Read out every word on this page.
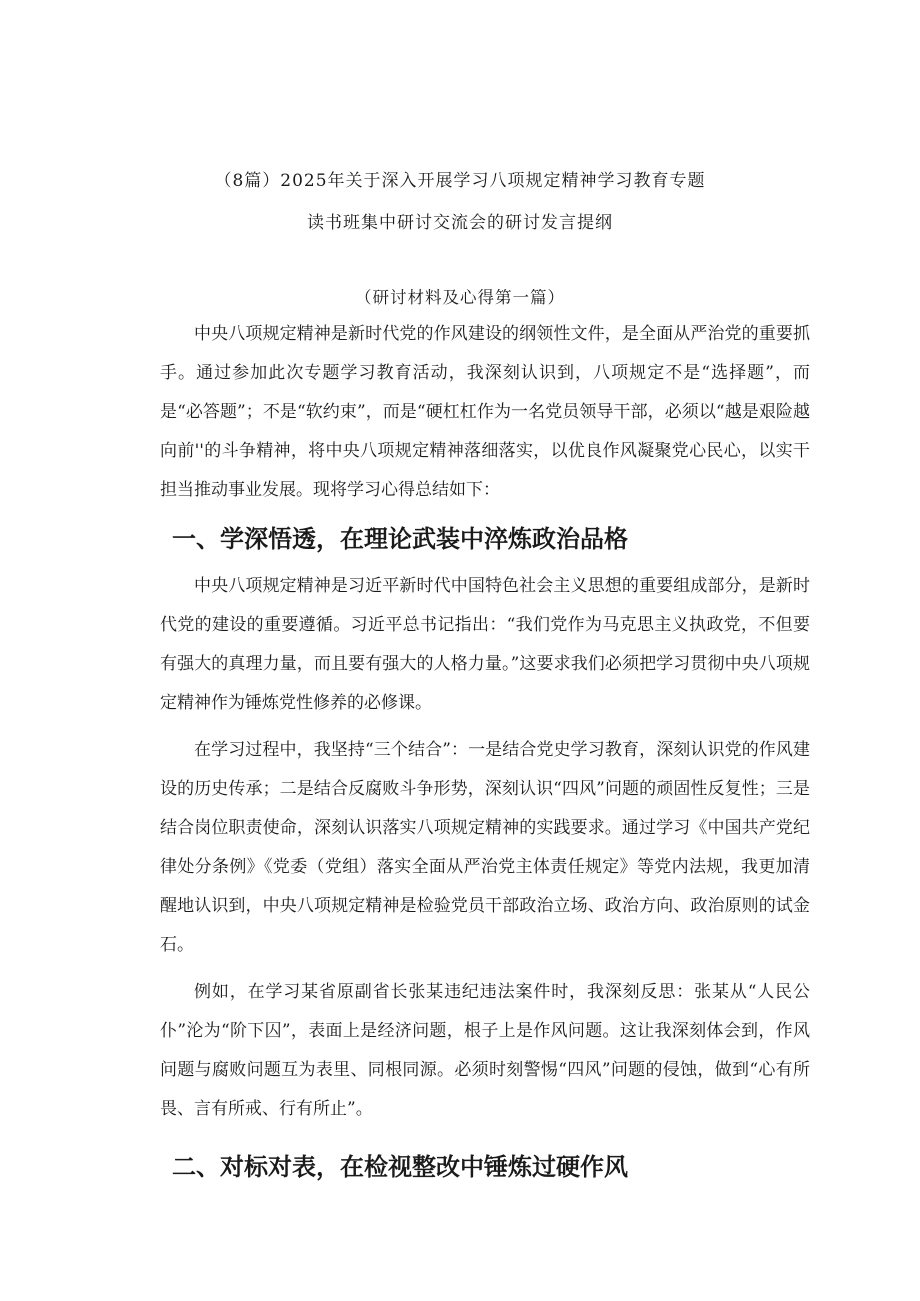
（8篇）2025年关于深入开展学习八项规定精神学习教育专题
读书班集中研讨交流会的研讨发言提纲
（研讨材料及心得第一篇）

中央八项规定精神是新时代党的作风建设的纲领性文件，是全面从严治党的重要抓手。通过参加此次专题学习教育活动，我深刻认识到，八项规定不是“选择题”，而是“必答题”；不是“软约束”，而是“硬杠杠作为一名党员领导干部，必须以“越是艰险越向前''的斗争精神，将中央八项规定精神落细落实，以优良作风凝聚党心民心，以实干担当推动事业发展。现将学习心得总结如下：

一、学深悟透，在理论武装中淬炼政治品格

中央八项规定精神是习近平新时代中国特色社会主义思想的重要组成部分，是新时代党的建设的重要遵循。习近平总书记指出：“我们党作为马克思主义执政党，不但要有强大的真理力量，而且要有强大的人格力量。”这要求我们必须把学习贯彻中央八项规定精神作为锤炼党性修养的必修课。

在学习过程中，我坚持“三个结合”：一是结合党史学习教育，深刻认识党的作风建设的历史传承；二是结合反腐败斗争形势，深刻认识“四风”问题的顽固性反复性；三是结合岗位职责使命，深刻认识落实八项规定精神的实践要求。通过学习《中国共产党纪律处分条例》《党委（党组）落实全面从严治党主体责任规定》等党内法规，我更加清醒地认识到，中央八项规定精神是检验党员干部政治立场、政治方向、政治原则的试金石。

例如，在学习某省原副省长张某违纪违法案件时，我深刻反思：张某从“人民公仆”沦为“阶下囚”，表面上是经济问题，根子上是作风问题。这让我深刻体会到，作风问题与腐败问题互为表里、同根同源。必须时刻警惕“四风”问题的侵蚀，做到“心有所畏、言有所戒、行有所止”。

二、对标对表，在检视整改中锤炼过硬作风
